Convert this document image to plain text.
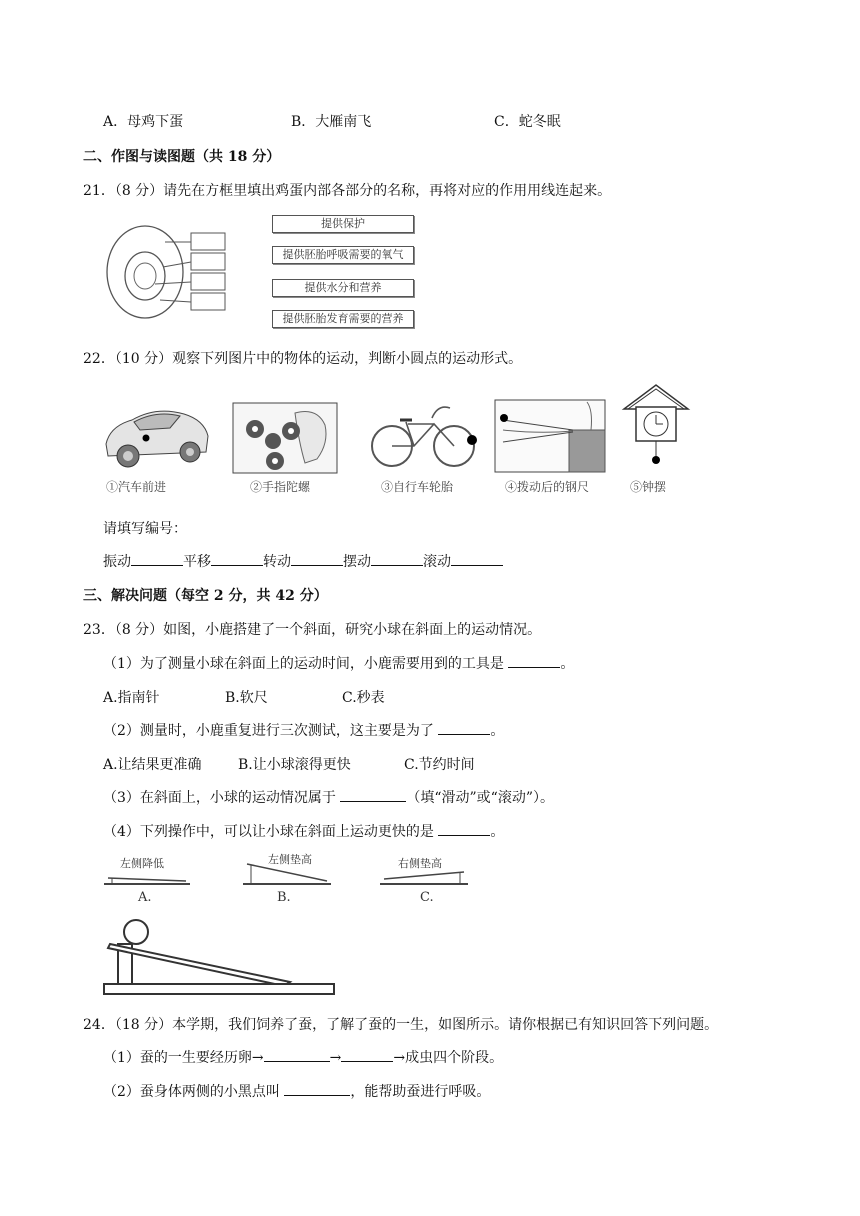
A．母鸡下蛋	B．大雁南飞	C．蛇冬眠
二、作图与读图题（共 18 分）
21．（8 分）请先在方框里填出鸡蛋内部各部分的名称，再将对应的作用用线连起来。
提供保护
提供胚胎呼吸需要的氧气
提供水分和营养
提供胚胎发育需要的营养
22．（10 分）观察下列图片中的物体的运动，判断小圆点的运动形式。
①汽车前进	②手指陀螺	③自行车轮胎	④拨动后的钢尺	⑤钟摆
请填写编号：
振动	平移	转动	摆动	滚动
三、解决问题（每空 2 分，共 42 分）
23．（8 分）如图，小鹿搭建了一个斜面，研究小球在斜面上的运动情况。
（1）为了测量小球在斜面上的运动时间，小鹿需要用到的工具是	。
A.指南针	B.软尺	C.秒表
（2）测量时，小鹿重复进行三次测试，这主要是为了	。
A.让结果更准确	B.让小球滚得更快	C.节约时间
（3）在斜面上，小球的运动情况属于	（填“滑动”或“滚动”）。
（4）下列操作中，可以让小球在斜面上运动更快的是	。
左侧降低
A.
左侧垫高
B.
右侧垫高
C.
24．（18 分）本学期，我们饲养了蚕，了解了蚕的一生，如图所示。请你根据已有知识回答下列问题。
（1）蚕的一生要经历卵→	→	→成虫四个阶段。
（2）蚕身体两侧的小黑点叫	，能帮助蚕进行呼吸。
